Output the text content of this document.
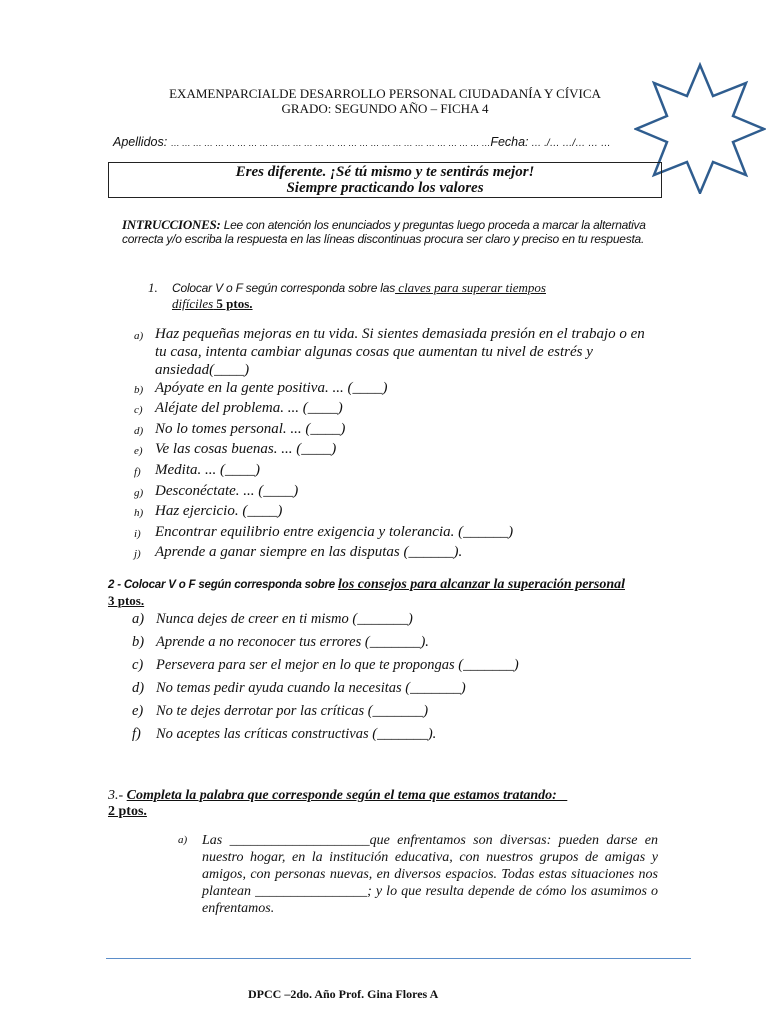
EXAMENPARCIALDE DESARROLLO PERSONAL CIUDADANÍA Y CÍVICA
GRADO: SEGUNDO AÑO – FICHA 4
Apellidos: … … … … … … … … … … … … … … … … … … … … … … … … … … … … …Fecha: … ./… …/… … …
Eres diferente. ¡Sé tú mismo y te sentirás mejor!
Siempre practicando los valores
INTRUCCIONES: Lee con atención los enunciados y preguntas luego proceda a marcar la alternativa correcta y/o escriba la respuesta en las líneas discontinuas procura ser claro y preciso en tu respuesta.
1. Colocar V o F según corresponda sobre las claves para superar tiempos
difíciles 5 ptos.
a) Haz pequeñas mejoras en tu vida. Si sientes demasiada presión en el trabajo o en tu casa, intenta cambiar algunas cosas que aumentan tu nivel de estrés y ansiedad(____)
b) Apóyate en la gente positiva. ... (____)
c) Aléjate del problema. ... (____)
d) No lo tomes personal. ... (____)
e) Ve las cosas buenas. ... (____)
f) Medita. ... (____)
g) Desconéctate. ... (____)
h) Haz ejercicio. (____)
i) Encontrar equilibrio entre exigencia y tolerancia. (______)
j) Aprende a ganar siempre en las disputas (______).
2 - Colocar V o F según corresponda sobre los consejos para alcanzar la superación personal
3 ptos.
a) Nunca dejes de creer en ti mismo (_______)
b) Aprende a no reconocer tus errores (_______).
c) Persevera para ser el mejor en lo que te propongas (_______)
d) No temas pedir ayuda cuando la necesitas (_______)
e) No te dejes derrotar por las críticas (_______)
f) No aceptes las críticas constructivas (_______).
3.- Completa la palabra que corresponde según el tema que estamos tratando:
2 ptos.
a) Las ____________________que enfrentamos son diversas: pueden darse en nuestro hogar, en la institución educativa, con nuestros grupos de amigas y amigos, con personas nuevas, en diversos espacios. Todas estas situaciones nos plantean ________________; y lo que resulta depende de cómo los asumimos o enfrentamos.
DPCC –2do. Año Prof. Gina Flores A
